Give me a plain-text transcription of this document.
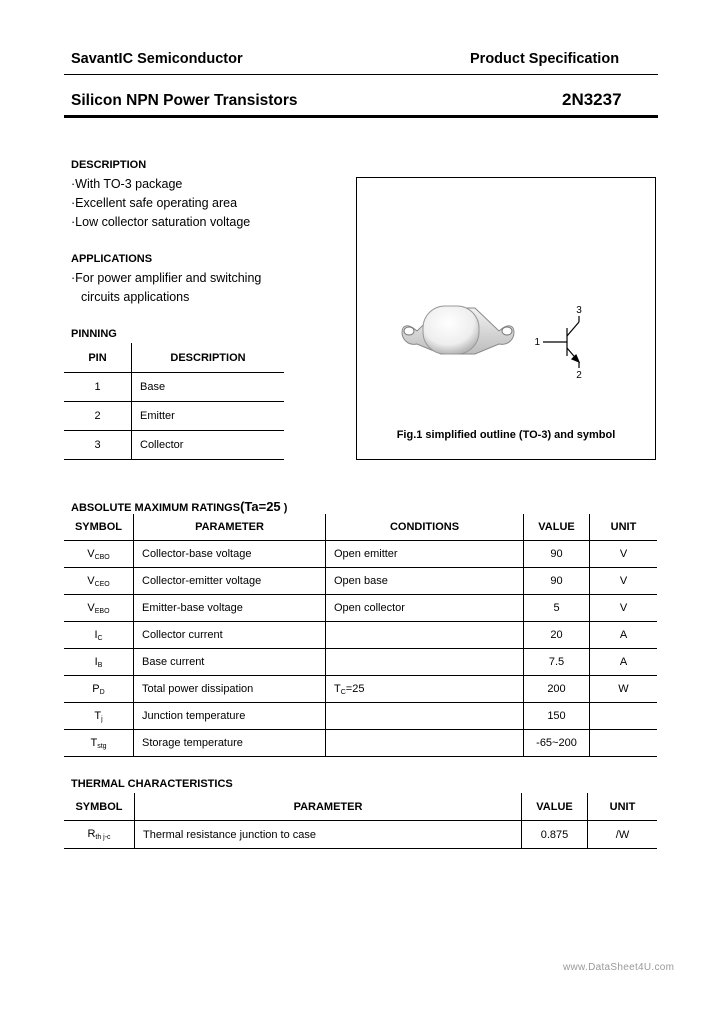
SavantIC Semiconductor	Product Specification
Silicon NPN Power Transistors	2N3237
DESCRIPTION
·With TO-3 package
·Excellent safe operating area
·Low collector saturation voltage
APPLICATIONS
·For power amplifier and switching
circuits applications
PINNING
PIN	DESCRIPTION
1	Base
2	Emitter
3	Collector
1
2
3
Fig.1 simplified outline (TO-3) and symbol
ABSOLUTE MAXIMUM RATINGS(Ta=25 )
SYMBOL	PARAMETER	CONDITIONS	VALUE	UNIT
$V_{CBO}$	Collector-base voltage	Open emitter	90	V
$V_{CEO}$	Collector-emitter voltage	Open base	90	V
$V_{EBO}$	Emitter-base voltage	Open collector	5	V
$I_C$	Collector current		20	A
$I_B$	Base current		7.5	A
$P_D$	Total power dissipation	$T_C=25$	200	W
$T_j$	Junction temperature		150	
$T_{stg}$	Storage temperature		-65~200	
THERMAL CHARACTERISTICS
SYMBOL	PARAMETER	VALUE	UNIT
$R_{th j-c}$	Thermal resistance junction to case	0.875	/W
www.DataSheet4U.com
